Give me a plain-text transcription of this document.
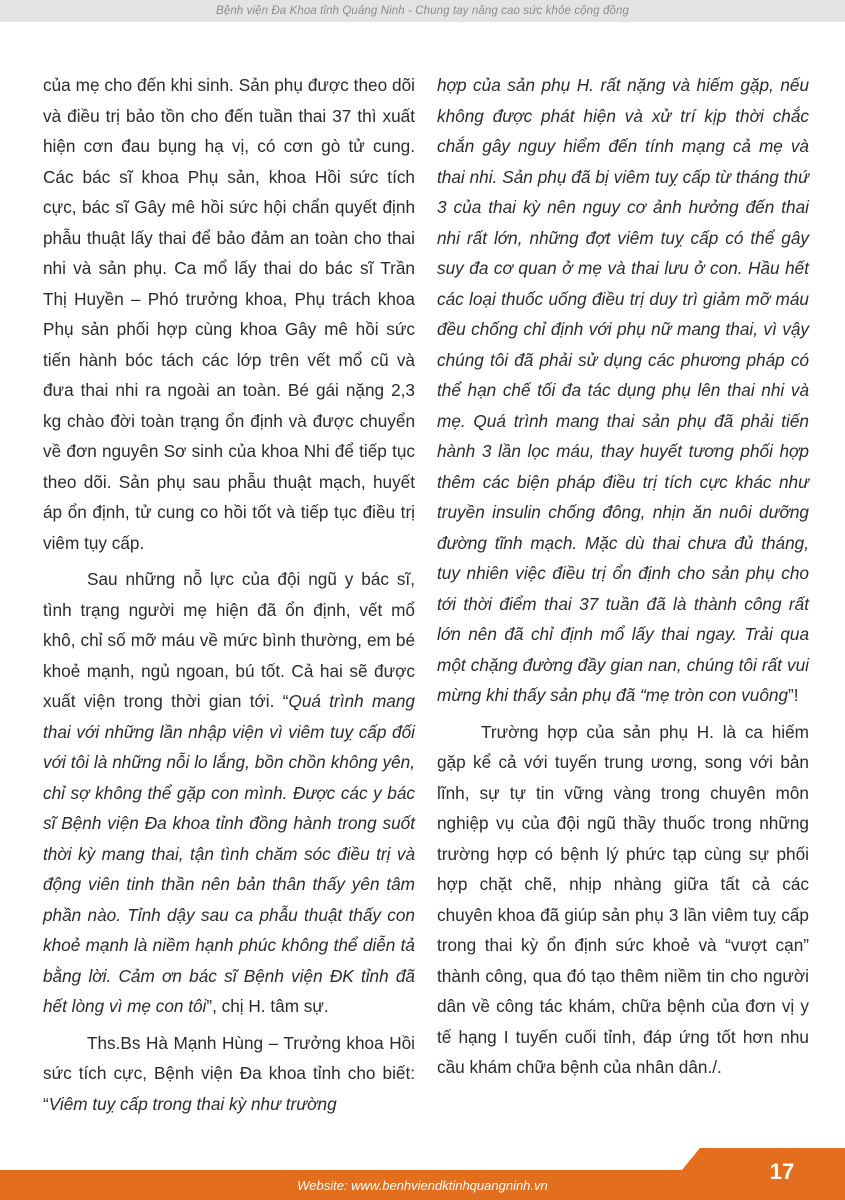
Bệnh viện Đa Khoa tỉnh Quảng Ninh - Chung tay nâng cao sức khỏe cộng đồng

của mẹ cho đến khi sinh. Sản phụ được theo dõi và điều trị bảo tồn cho đến tuần thai 37 thì xuất hiện cơn đau bụng hạ vị, có cơn gò tử cung. Các bác sĩ khoa Phụ sản, khoa Hồi sức tích cực, bác sĩ Gây mê hồi sức hội chẩn quyết định phẫu thuật lấy thai để bảo đảm an toàn cho thai nhi và sản phụ. Ca mổ lấy thai do bác sĩ Trần Thị Huyền – Phó trưởng khoa, Phụ trách khoa Phụ sản phối hợp cùng khoa Gây mê hồi sức tiến hành bóc tách các lớp trên vết mổ cũ và đưa thai nhi ra ngoài an toàn. Bé gái nặng 2,3 kg chào đời toàn trạng ổn định và được chuyển về đơn nguyên Sơ sinh của khoa Nhi để tiếp tục theo dõi. Sản phụ sau phẫu thuật mạch, huyết áp ổn định, tử cung co hồi tốt và tiếp tục điều trị viêm tụy cấp.

Sau những nỗ lực của đội ngũ y bác sĩ, tình trạng người mẹ hiện đã ổn định, vết mổ khô, chỉ số mỡ máu về mức bình thường, em bé khoẻ mạnh, ngủ ngoan, bú tốt. Cả hai sẽ được xuất viện trong thời gian tới. “Quá trình mang thai với những lần nhập viện vì viêm tuỵ cấp đối với tôi là những nỗi lo lắng, bồn chồn không yên, chỉ sợ không thể gặp con mình. Được các y bác sĩ Bệnh viện Đa khoa tỉnh đồng hành trong suốt thời kỳ mang thai, tận tình chăm sóc điều trị và động viên tinh thần nên bản thân thấy yên tâm phần nào. Tỉnh dậy sau ca phẫu thuật thấy con khoẻ mạnh là niềm hạnh phúc không thể diễn tả bằng lời. Cảm ơn bác sĩ Bệnh viện ĐK tỉnh đã hết lòng vì mẹ con tôi”, chị H. tâm sự.

Ths.Bs Hà Mạnh Hùng – Trưởng khoa Hồi sức tích cực, Bệnh viện Đa khoa tỉnh cho biết: “Viêm tuỵ cấp trong thai kỳ như trường

hợp của sản phụ H. rất nặng và hiếm gặp, nếu không được phát hiện và xử trí kịp thời chắc chắn gây nguy hiểm đến tính mạng cả mẹ và thai nhi. Sản phụ đã bị viêm tuỵ cấp từ tháng thứ 3 của thai kỳ nên nguy cơ ảnh hưởng đến thai nhi rất lớn, những đợt viêm tuỵ cấp có thể gây suy đa cơ quan ở mẹ và thai lưu ở con. Hầu hết các loại thuốc uống điều trị duy trì giảm mỡ máu đều chống chỉ định với phụ nữ mang thai, vì vậy chúng tôi đã phải sử dụng các phương pháp có thể hạn chế tối đa tác dụng phụ lên thai nhi và mẹ. Quá trình mang thai sản phụ đã phải tiến hành 3 lần lọc máu, thay huyết tương phối hợp thêm các biện pháp điều trị tích cực khác như truyền insulin chống đông, nhịn ăn nuôi dưỡng đường tĩnh mạch. Mặc dù thai chưa đủ tháng, tuy nhiên việc điều trị ổn định cho sản phụ cho tới thời điểm thai 37 tuần đã là thành công rất lớn nên đã chỉ định mổ lấy thai ngay. Trải qua một chặng đường đầy gian nan, chúng tôi rất vui mừng khi thấy sản phụ đã “mẹ tròn con vuông”!

Trường hợp của sản phụ H. là ca hiếm gặp kể cả với tuyến trung ương, song với bản lĩnh, sự tự tin vững vàng trong chuyên môn nghiệp vụ của đội ngũ thầy thuốc trong những trường hợp có bệnh lý phức tạp cùng sự phối hợp chặt chẽ, nhịp nhàng giữa tất cả các chuyên khoa đã giúp sản phụ 3 lần viêm tuỵ cấp trong thai kỳ ổn định sức khoẻ và “vượt cạn” thành công, qua đó tạo thêm niềm tin cho người dân về công tác khám, chữa bệnh của đơn vị y tế hạng I tuyến cuối tỉnh, đáp ứng tốt hơn nhu cầu khám chữa bệnh của nhân dân./.

17
Website: www.benhviendktinhquangninh.vn
